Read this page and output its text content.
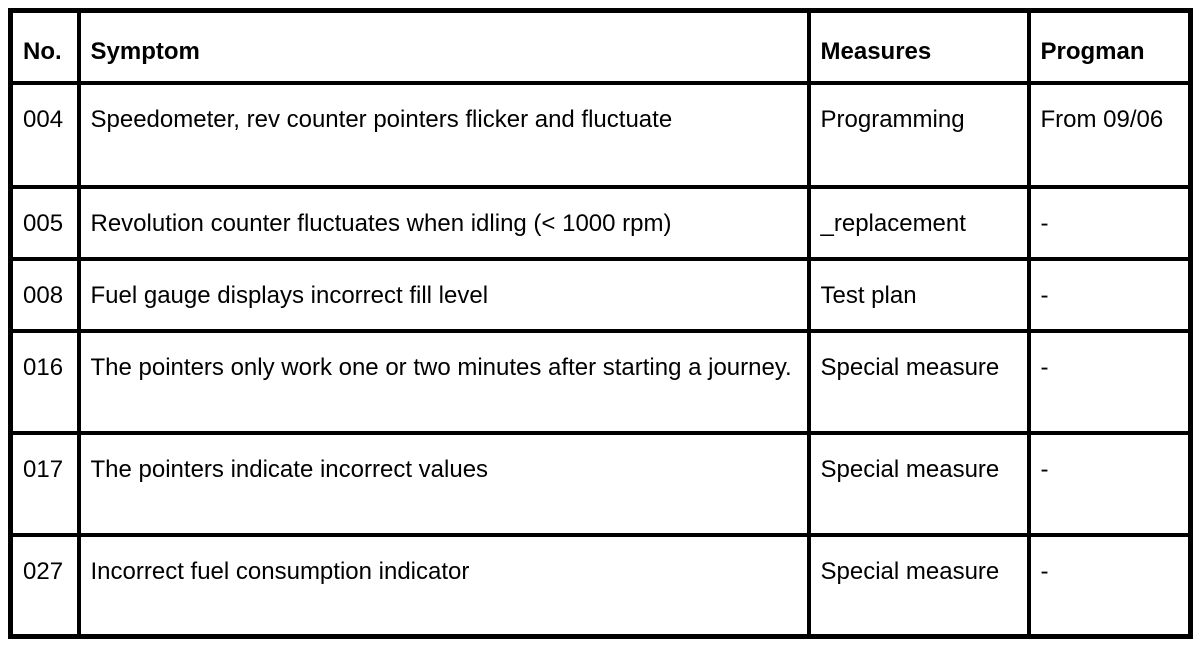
No.	Symptom	Measures	Progman
004	Speedometer, rev counter pointers flicker and fluctuate	Programming	From 09/06
005	Revolution counter fluctuates when idling (< 1000 rpm)	_replacement	-
008	Fuel gauge displays incorrect fill level	Test plan	-
016	The pointers only work one or two minutes after starting a journey.	Special measure	-
017	The pointers indicate incorrect values	Special measure	-
027	Incorrect fuel consumption indicator	Special measure	-
